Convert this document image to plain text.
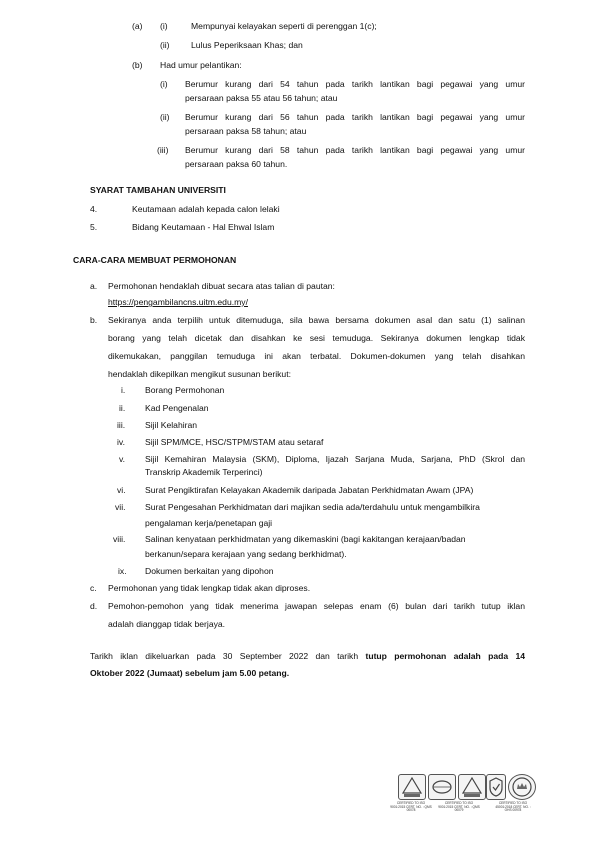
(a) (i)	Mempunyai kelayakan seperti di perenggan 1(c);
(ii) Lulus Peperiksaan Khas; dan
(b) Had umur pelantikan:
(i) Berumur kurang dari 54 tahun pada tarikh lantikan bagi pegawai yang umur
persaraan paksa 55 atau 56 tahun; atau
(ii) Berumur kurang dari 56 tahun pada tarikh lantikan bagi pegawai yang umur
persaraan paksa 58 tahun; atau
(iii) Berumur kurang dari 58 tahun pada tarikh lantikan bagi pegawai yang umur
persaraan paksa 60 tahun.
SYARAT TAMBAHAN UNIVERSITI
4.	Keutamaan adalah kepada calon lelaki
5.	Bidang Keutamaan - Hal Ehwal Islam
CARA-CARA MEMBUAT PERMOHONAN
a. Permohonan hendaklah dibuat secara atas talian di pautan:
https://pengambilancns.uitm.edu.my/
b. Sekiranya anda terpilih untuk ditemuduga, sila bawa bersama dokumen asal dan satu (1) salinan
borang yang telah dicetak dan disahkan ke sesi temuduga. Sekiranya dokumen lengkap tidak
dikemukakan, panggilan temuduga ini akan terbatal. Dokumen-dokumen yang telah disahkan
hendaklah dikepilkan mengikut susunan berikut:
i. Borang Permohonan
ii. Kad Pengenalan
iii. Sijil Kelahiran
iv. Sijil SPM/MCE, HSC/STPM/STAM atau setaraf
v. Sijil Kemahiran Malaysia (SKM), Diploma, Ijazah Sarjana Muda, Sarjana, PhD (Skrol dan
Transkrip Akademik Terperinci)
vi. Surat Pengiktirafan Kelayakan Akademik daripada Jabatan Perkhidmatan Awam (JPA)
vii. Surat Pengesahan Perkhidmatan dari majikan sedia ada/terdahulu untuk mengambilkira
pengalaman kerja/penetapan gaji
viii. Salinan kenyataan perkhidmatan yang dikemaskini (bagi kakitangan kerajaan/badan
berkanun/separa kerajaan yang sedang berkhidmat).
ix. Dokumen berkaitan yang dipohon
c. Permohonan yang tidak lengkap tidak akan diproses.
d. Pemohon-pemohon yang tidak menerima jawapan selepas enam (6) bulan dari tarikh tutup iklan
adalah dianggap tidak berjaya.
Tarikh iklan dikeluarkan pada 30 September 2022 dan tarikh tutup permohonan adalah pada 14
Oktober 2022 (Jumaat) sebelum jam 5.00 petang.
CERTIFIED TO ISO 9001:2015 CERT. NO. : QMS 00078
CERTIFIED TO ISO 9001:2015 CERT. NO. : QMS 00079
CERTIFIED TO ISO 45001:2018 CERT. NO. : OHS 00978
